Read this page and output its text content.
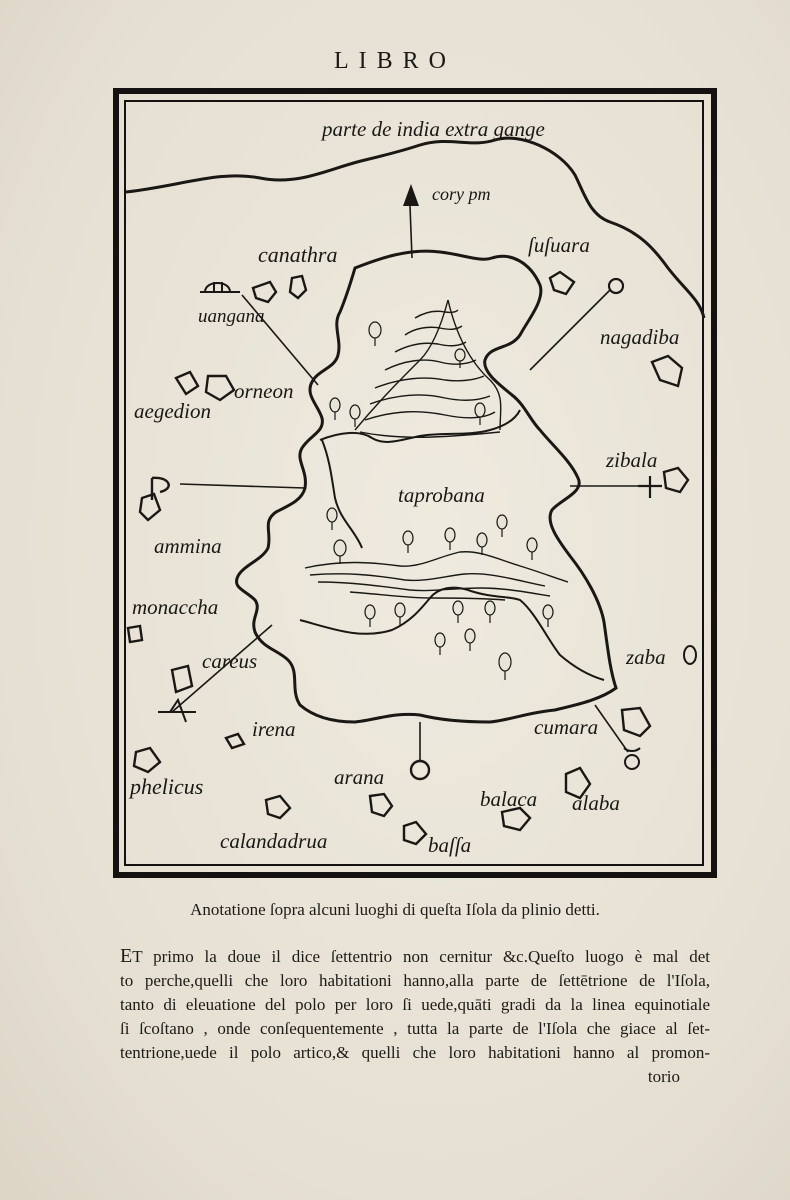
LIBRO
parte de india extra gange
cory pm
canathra	ſuſuara
uangana
nagadiba
orneon
aegedion
zibala
taprobana
ammina
monaccha
careus	zaba
irena	cumara
phelicus	arana
balaca alaba
calandadrua	baſſa
Anotatione ſopra alcuni luoghi di queſta Iſola da plinio detti.
ET primo la doue il dice ſettentrio non cernitur &c.Queſto luogo è mal det
to perche,quelli che loro habitationi hanno,alla parte de ſettētrione de l'Iſola,
tanto di eleuatione del polo per loro ſi uede,quāti gradi da la linea equinotiale
ſi ſcoſtano , onde conſequentemente , tutta la parte de l'Iſola che giace al ſet-
tentrione,uede il polo artico,& quelli che loro habitationi hanno al promon-
torio
